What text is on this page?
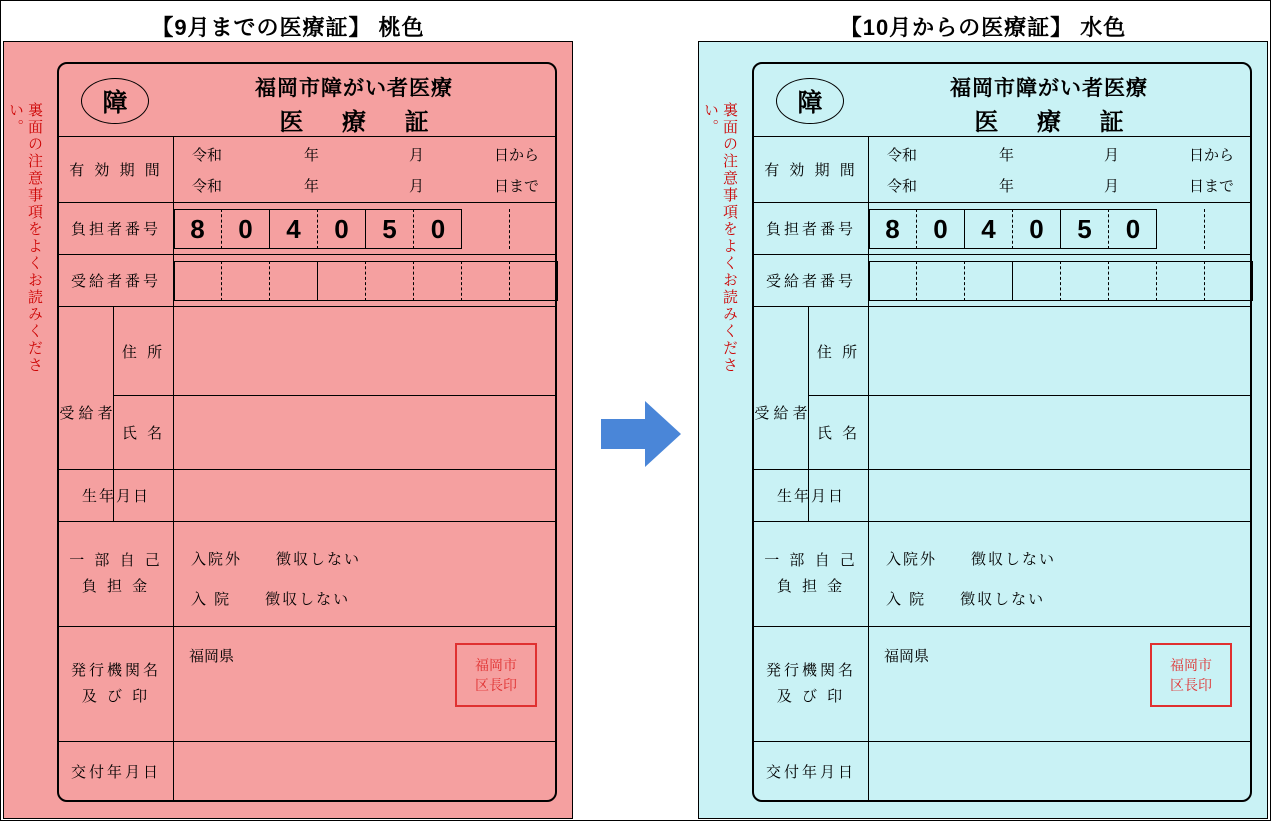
【9月までの医療証】 桃色
裏面の注意事項をよくお読みください。	障
福岡市障がい者医療
医 療 証
有 効 期 間
令和	年	月	日から
令和	年	月	日まで
負担者番号	8	0	4	0	5	0
受給者番号
受 給 者
住 所
氏 名
生年月日
一 部 自 己
負 担 金
入院外　　徴収しない
入 院　　徴収しない
発行機関名
及 び 印
福岡県	福岡市
区長印
交付年月日
【10月からの医療証】 水色
裏面の注意事項をよくお読みください。	障
福岡市障がい者医療
医 療 証
有 効 期 間
令和	年	月	日から
令和	年	月	日まで
負担者番号	8	0	4	0	5	0
受給者番号
受 給 者
住 所
氏 名
生年月日
一 部 自 己
負 担 金
入院外　　徴収しない
入 院　　徴収しない
発行機関名
及 び 印
福岡県	福岡市
区長印
交付年月日
